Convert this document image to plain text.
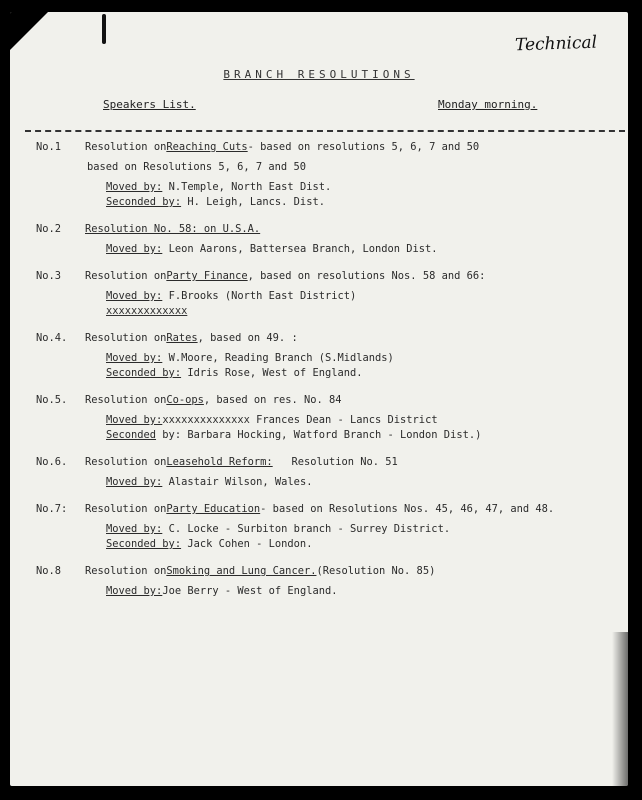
Technical
BRANCH RESOLUTIONS
Speakers List.	Monday morning.
No.1	Resolution on Reaching Cuts - based on resolutions 5, 6, 7 and 50
based on Resolutions 5, 6, 7 and 50
Moved by: N.Temple, North East Dist.
Seconded by: H. Leigh, Lancs. Dist.
No.2	Resolution No. 58: on U.S.A.
Moved by: Leon Aarons, Battersea Branch, London Dist.
No.3	Resolution on Party Finance , based on resolutions Nos. 58 and 66:
Moved by: F.Brooks (North East District)
xxxxxxxxxxxxx
No.4.	Resolution on Rates , based on 49. :
Moved by: W.Moore, Reading Branch (S.Midlands)
Seconded by: Idris Rose, West of England.
No.5.	Resolution on Co-ops , based on res. No. 84
Moved by:xxxxxxxxxxxxxx Frances Dean - Lancs District
Seconded by: Barbara Hocking, Watford Branch - London Dist.)
No.6.	Resolution on Leasehold Reform: Resolution No. 51
Moved by: Alastair Wilson, Wales.
No.7:	Resolution on Party Education - based on Resolutions Nos. 45, 46, 47, and 48.
Moved by: C. Locke - Surbiton branch - Surrey District.
Seconded by: Jack Cohen - London.
No.8	Resolution on Smoking and Lung Cancer. (Resolution No. 85)
Moved by:Joe Berry - West of England.
